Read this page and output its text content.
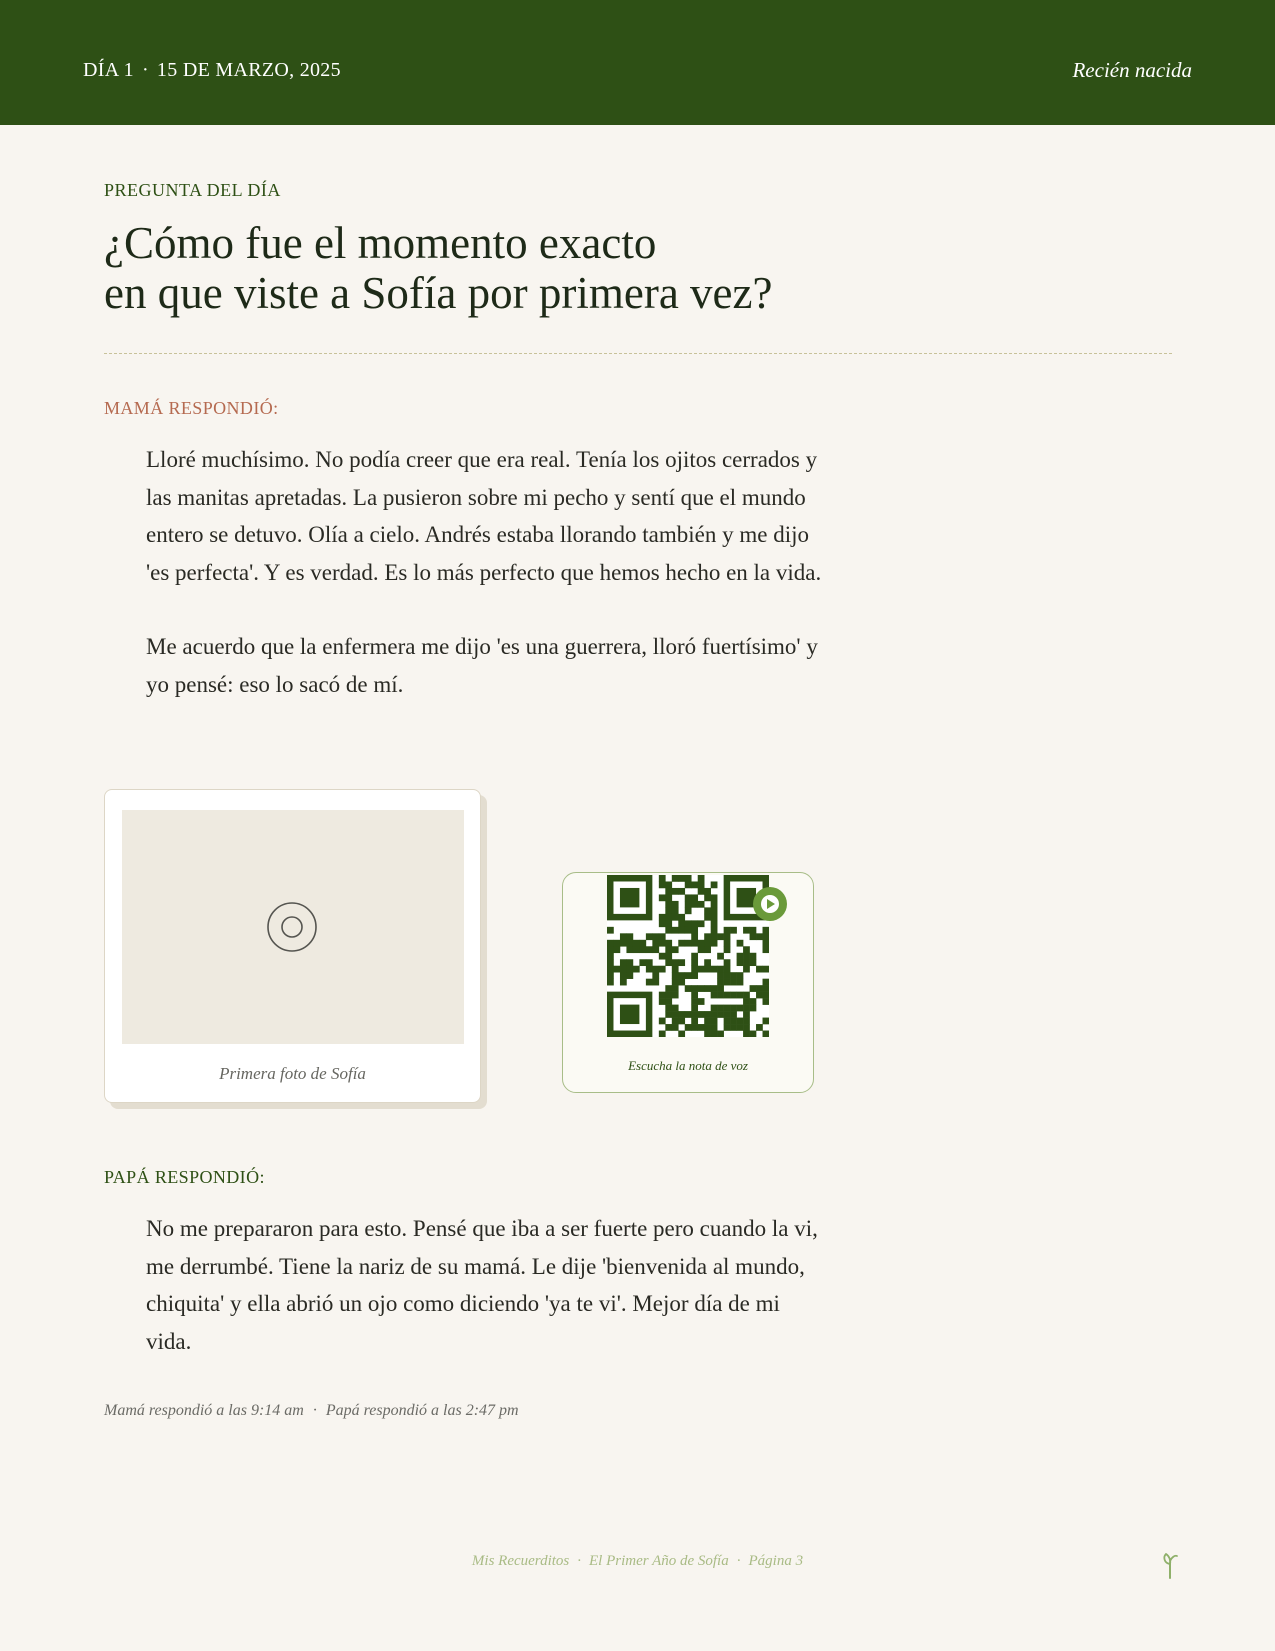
DÍA 1 · 15 DE MARZO, 2025	Recién nacida
PREGUNTA DEL DÍA
¿Cómo fue el momento exacto
en que viste a Sofía por primera vez?
MAMÁ RESPONDIÓ:

Lloré muchísimo. No podía creer que era real. Tenía los ojitos cerrados y las manitas apretadas. La pusieron sobre mi pecho y sentí que el mundo entero se detuvo. Olía a cielo. Andrés estaba llorando también y me dijo 'es perfecta'. Y es verdad. Es lo más perfecto que hemos hecho en la vida.

Me acuerdo que la enfermera me dijo 'es una guerrera, lloró fuertísimo' y yo pensé: eso lo sacó de mí.

Primera foto de Sofía	Escucha la nota de voz
PAPÁ RESPONDIÓ:

No me prepararon para esto. Pensé que iba a ser fuerte pero cuando la vi, me derrumbé. Tiene la nariz de su mamá. Le dije 'bienvenida al mundo, chiquita' y ella abrió un ojo como diciendo 'ya te vi'. Mejor día de mi vida.

Mamá respondió a las 9:14 am · Papá respondió a las 2:47 pm
Mis Recuerditos · El Primer Año de Sofía · Página 3
